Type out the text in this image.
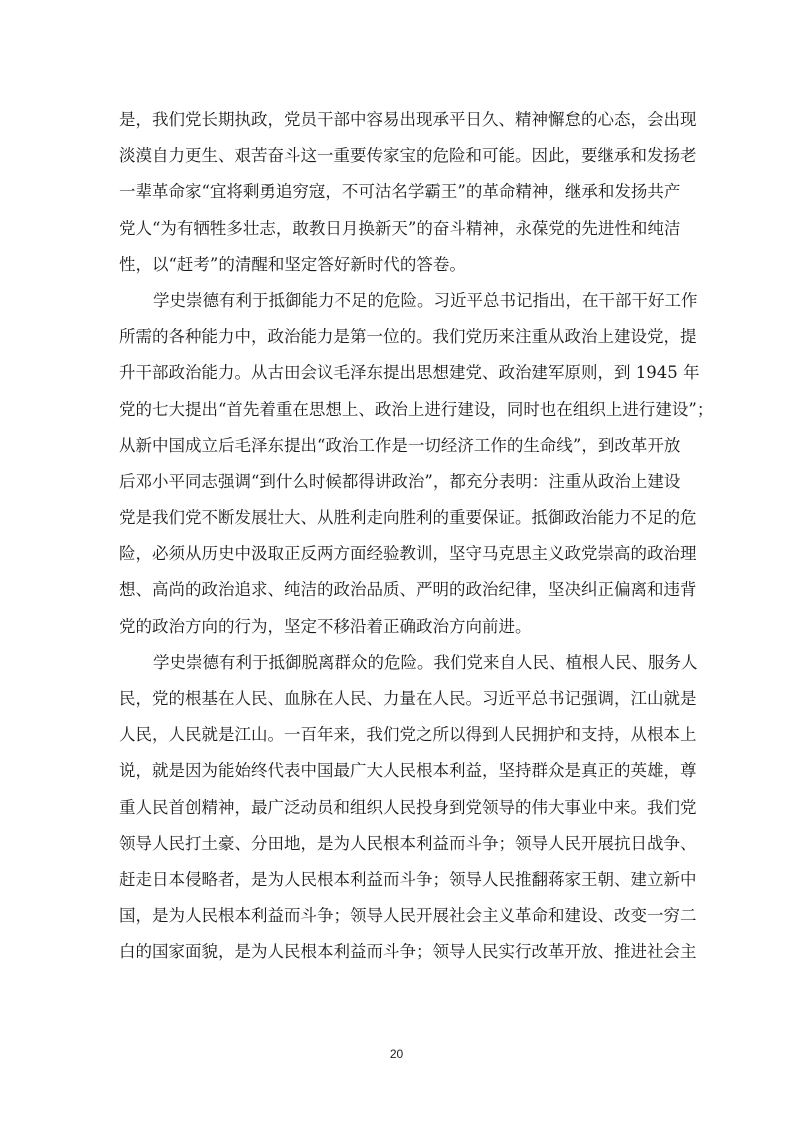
是，我们党长期执政，党员干部中容易出现承平日久、精神懈怠的心态，会出现
淡漠自力更生、艰苦奋斗这一重要传家宝的危险和可能。因此，要继承和发扬老
一辈革命家“宜将剩勇追穷寇，不可沽名学霸王”的革命精神，继承和发扬共产
党人“为有牺牲多壮志，敢教日月换新天”的奋斗精神，永葆党的先进性和纯洁
性，以“赶考”的清醒和坚定答好新时代的答卷。
学史崇德有利于抵御能力不足的危险。习近平总书记指出，在干部干好工作
所需的各种能力中，政治能力是第一位的。我们党历来注重从政治上建设党，提
升干部政治能力。从古田会议毛泽东提出思想建党、政治建军原则，到 1945 年
党的七大提出“首先着重在思想上、政治上进行建设，同时也在组织上进行建设”；
从新中国成立后毛泽东提出“政治工作是一切经济工作的生命线”，到改革开放
后邓小平同志强调“到什么时候都得讲政治”，都充分表明：注重从政治上建设
党是我们党不断发展壮大、从胜利走向胜利的重要保证。抵御政治能力不足的危
险，必须从历史中汲取正反两方面经验教训，坚守马克思主义政党崇高的政治理
想、高尚的政治追求、纯洁的政治品质、严明的政治纪律，坚决纠正偏离和违背
党的政治方向的行为，坚定不移沿着正确政治方向前进。
学史崇德有利于抵御脱离群众的危险。我们党来自人民、植根人民、服务人
民，党的根基在人民、血脉在人民、力量在人民。习近平总书记强调，江山就是
人民，人民就是江山。一百年来，我们党之所以得到人民拥护和支持，从根本上
说，就是因为能始终代表中国最广大人民根本利益，坚持群众是真正的英雄，尊
重人民首创精神，最广泛动员和组织人民投身到党领导的伟大事业中来。我们党
领导人民打土豪、分田地，是为人民根本利益而斗争；领导人民开展抗日战争、
赶走日本侵略者，是为人民根本利益而斗争；领导人民推翻蒋家王朝、建立新中
国，是为人民根本利益而斗争；领导人民开展社会主义革命和建设、改变一穷二
白的国家面貌，是为人民根本利益而斗争；领导人民实行改革开放、推进社会主
20
